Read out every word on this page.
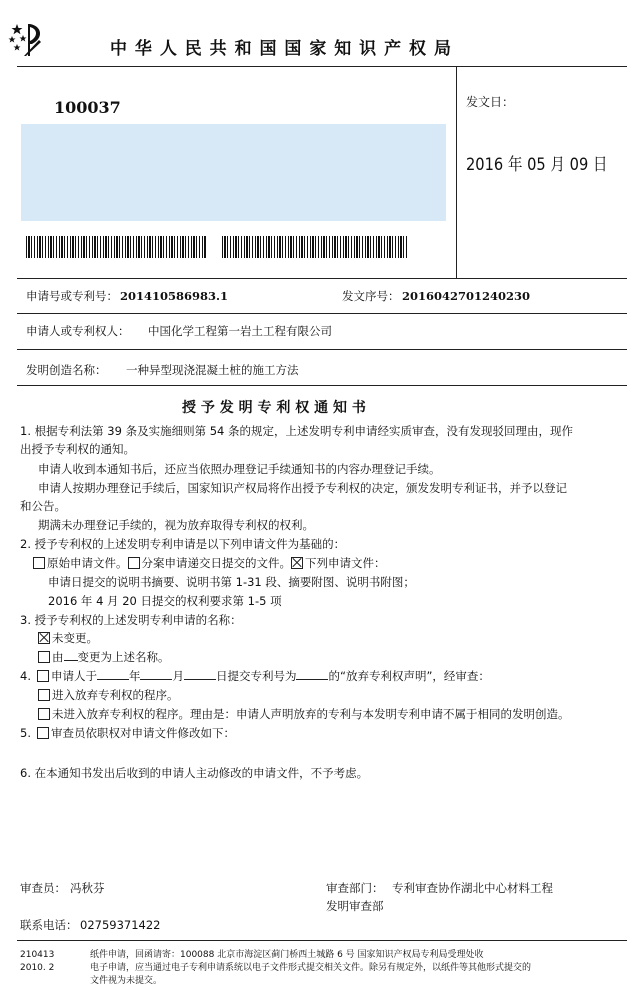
中 华 人 民 共 和 国 国 家 知 识 产 权 局
100037	发文日：
2016 年 05 月 09 日
申请号或专利号： 201410586983.1	发文序号： 2016042701240230
申请人或专利权人： 中国化学工程第一岩土工程有限公司
发明创造名称： 一种异型现浇混凝土桩的施工方法
授 予 发 明 专 利 权 通 知 书
1. 根据专利法第 39 条及实施细则第 54 条的规定，上述发明专利申请经实质审查，没有发现驳回理由，现作
出授予专利权的通知。
申请人收到本通知书后，还应当依照办理登记手续通知书的内容办理登记手续。
申请人按期办理登记手续后，国家知识产权局将作出授予专利权的决定，颁发发明专利证书，并予以登记
和公告。
期满未办理登记手续的，视为放弃取得专利权的权利。
2. 授予专利权的上述发明专利申请是以下列申请文件为基础的：
原始申请文件。 分案申请递交日提交的文件。 下列申请文件：
申请日提交的说明书摘要、说明书第 1-31 段、摘要附图、说明书附图；
2016 年 4 月 20 日提交的权利要求第 1-5 项
3. 授予专利权的上述发明专利申请的名称：
未变更。
由 变更为上述名称。
4. 申请人于	年	月	日提交专利号为	的“放弃专利权声明”，经审查：
进入放弃专利权的程序。
未进入放弃专利权的程序。理由是：申请人声明放弃的专利与本发明专利申请不属于相同的发明创造。
5. 审查员依职权对申请文件修改如下：
6. 在本通知书发出后收到的申请人主动修改的申请文件，不予考虑。
审查员： 冯秋芬	审查部门： 专利审查协作湖北中心材料工程
发明审查部
联系电话： 02759371422
210413
2010. 2
纸件申请，回函请寄：100088 北京市海淀区蓟门桥西土城路 6 号 国家知识产权局专利局受理处收
电子申请，应当通过电子专利申请系统以电子文件形式提交相关文件。除另有规定外，以纸件等其他形式提交的
文件视为未提交。
